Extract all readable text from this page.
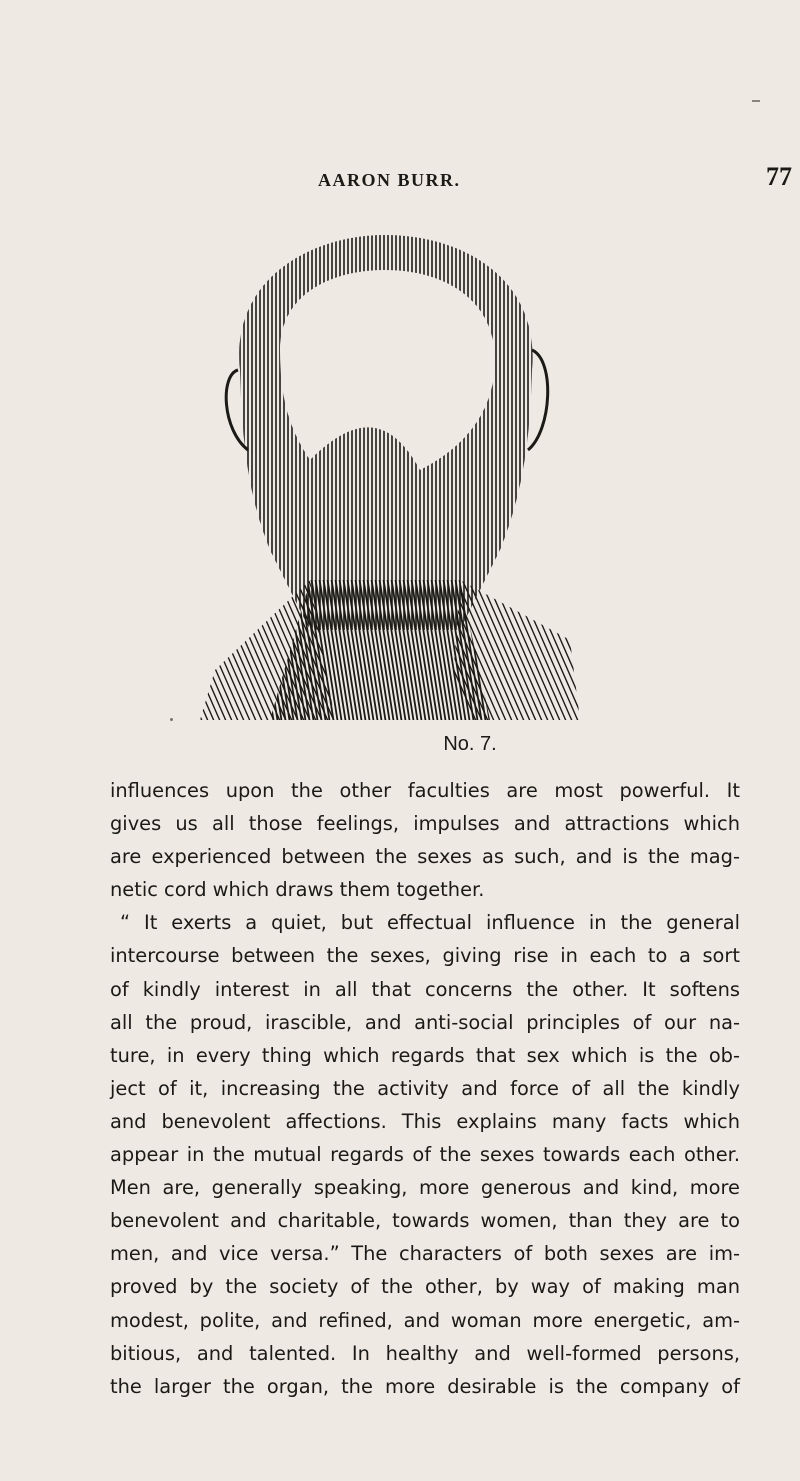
AARON BURR.	77
No. 7.
influences upon the other faculties are most powerful. It
gives us all those feelings, impulses and attractions which
are experienced between the sexes as such, and is the mag-
netic cord which draws them together.
“ It exerts a quiet, but effectual influence in the general
intercourse between the sexes, giving rise in each to a sort
of kindly interest in all that concerns the other. It softens
all the proud, irascible, and anti-social principles of our na-
ture, in every thing which regards that sex which is the ob-
ject of it, increasing the activity and force of all the kindly
and benevolent affections. This explains many facts which
appear in the mutual regards of the sexes towards each other.
Men are, generally speaking, more generous and kind, more
benevolent and charitable, towards women, than they are to
men, and vice versa.” The characters of both sexes are im-
proved by the society of the other, by way of making man
modest, polite, and refined, and woman more energetic, am-
bitious, and talented. In healthy and well-formed persons,
the larger the organ, the more desirable is the company of
